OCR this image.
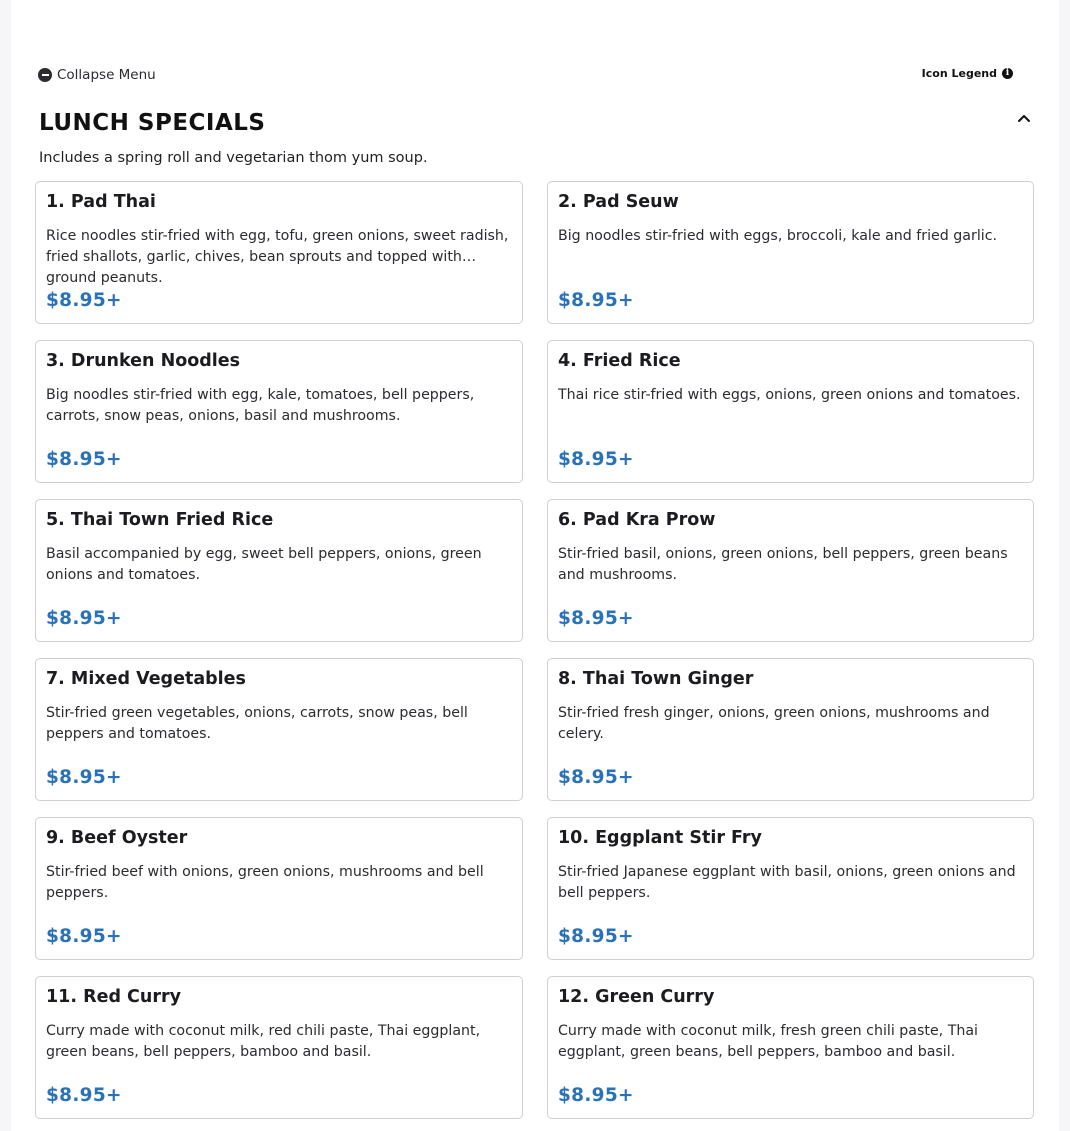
Collapse Menu	Icon Legend i
LUNCH SPECIALS
Includes a spring roll and vegetarian thom yum soup.
1. Pad Thai
Rice noodles stir-fried with egg, tofu, green onions, sweet radish, fried shallots, garlic, chives, bean sprouts and topped with ground peanuts.
$8.95+
2. Pad Seuw
Big noodles stir-fried with eggs, broccoli, kale and fried garlic.
$8.95+
3. Drunken Noodles
Big noodles stir-fried with egg, kale, tomatoes, bell peppers, carrots, snow peas, onions, basil and mushrooms.
$8.95+
4. Fried Rice
Thai rice stir-fried with eggs, onions, green onions and tomatoes.
$8.95+
5. Thai Town Fried Rice
Basil accompanied by egg, sweet bell peppers, onions, green onions and tomatoes.
$8.95+
6. Pad Kra Prow
Stir-fried basil, onions, green onions, bell peppers, green beans and mushrooms.
$8.95+
7. Mixed Vegetables
Stir-fried green vegetables, onions, carrots, snow peas, bell peppers and tomatoes.
$8.95+
8. Thai Town Ginger
Stir-fried fresh ginger, onions, green onions, mushrooms and celery.
$8.95+
9. Beef Oyster
Stir-fried beef with onions, green onions, mushrooms and bell peppers.
$8.95+
10. Eggplant Stir Fry
Stir-fried Japanese eggplant with basil, onions, green onions and bell peppers.
$8.95+
11. Red Curry
Curry made with coconut milk, red chili paste, Thai eggplant, green beans, bell peppers, bamboo and basil.
$8.95+
12. Green Curry
Curry made with coconut milk, fresh green chili paste, Thai eggplant, green beans, bell peppers, bamboo and basil.
$8.95+
